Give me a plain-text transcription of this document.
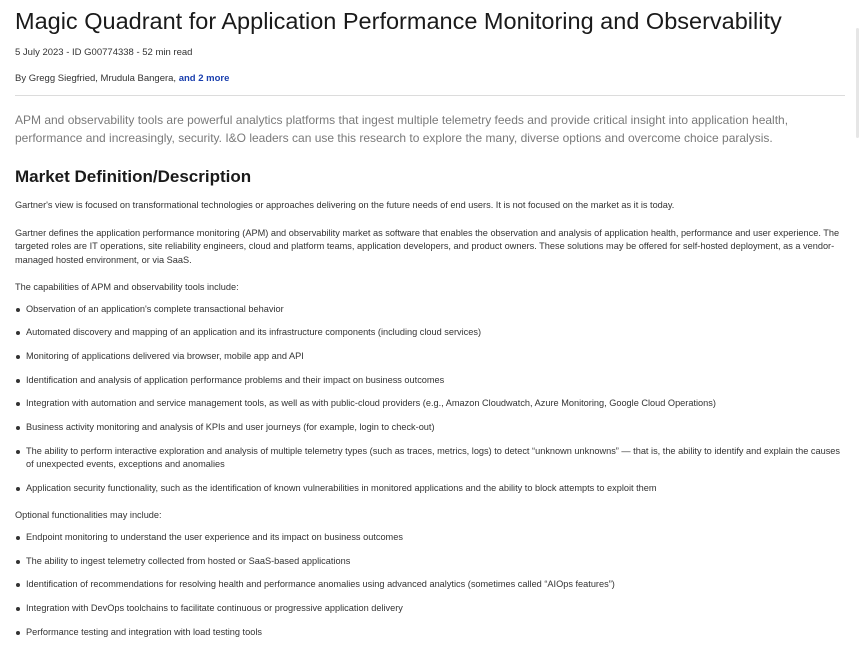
Magic Quadrant for Application Performance Monitoring and Observability
5 July 2023 - ID G00774338 - 52 min read
By Gregg Siegfried, Mrudula Bangera, and 2 more

APM and observability tools are powerful analytics platforms that ingest multiple telemetry feeds and provide critical insight into application health, performance and increasingly, security. I&O leaders can use this research to explore the many, diverse options and overcome choice paralysis.

Market Definition/Description

Gartner's view is focused on transformational technologies or approaches delivering on the future needs of end users. It is not focused on the market as it is today.

Gartner defines the application performance monitoring (APM) and observability market as software that enables the observation and analysis of application health, performance and user experience. The targeted roles are IT operations, site reliability engineers, cloud and platform teams, application developers, and product owners. These solutions may be offered for self-hosted deployment, as a vendor-managed hosted environment, or via SaaS.

The capabilities of APM and observability tools include:

Observation of an application's complete transactional behavior
Automated discovery and mapping of an application and its infrastructure components (including cloud services)
Monitoring of applications delivered via browser, mobile app and API
Identification and analysis of application performance problems and their impact on business outcomes
Integration with automation and service management tools, as well as with public-cloud providers (e.g., Amazon Cloudwatch, Azure Monitoring, Google Cloud Operations)
Business activity monitoring and analysis of KPIs and user journeys (for example, login to check-out)
The ability to perform interactive exploration and analysis of multiple telemetry types (such as traces, metrics, logs) to detect “unknown unknowns” — that is, the ability to identify and explain the causes of unexpected events, exceptions and anomalies
Application security functionality, such as the identification of known vulnerabilities in monitored applications and the ability to block attempts to exploit them

Optional functionalities may include:

Endpoint monitoring to understand the user experience and its impact on business outcomes
The ability to ingest telemetry collected from hosted or SaaS-based applications
Identification of recommendations for resolving health and performance anomalies using advanced analytics (sometimes called “AIOps features”)
Integration with DevOps toolchains to facilitate continuous or progressive application delivery
Performance testing and integration with load testing tools
